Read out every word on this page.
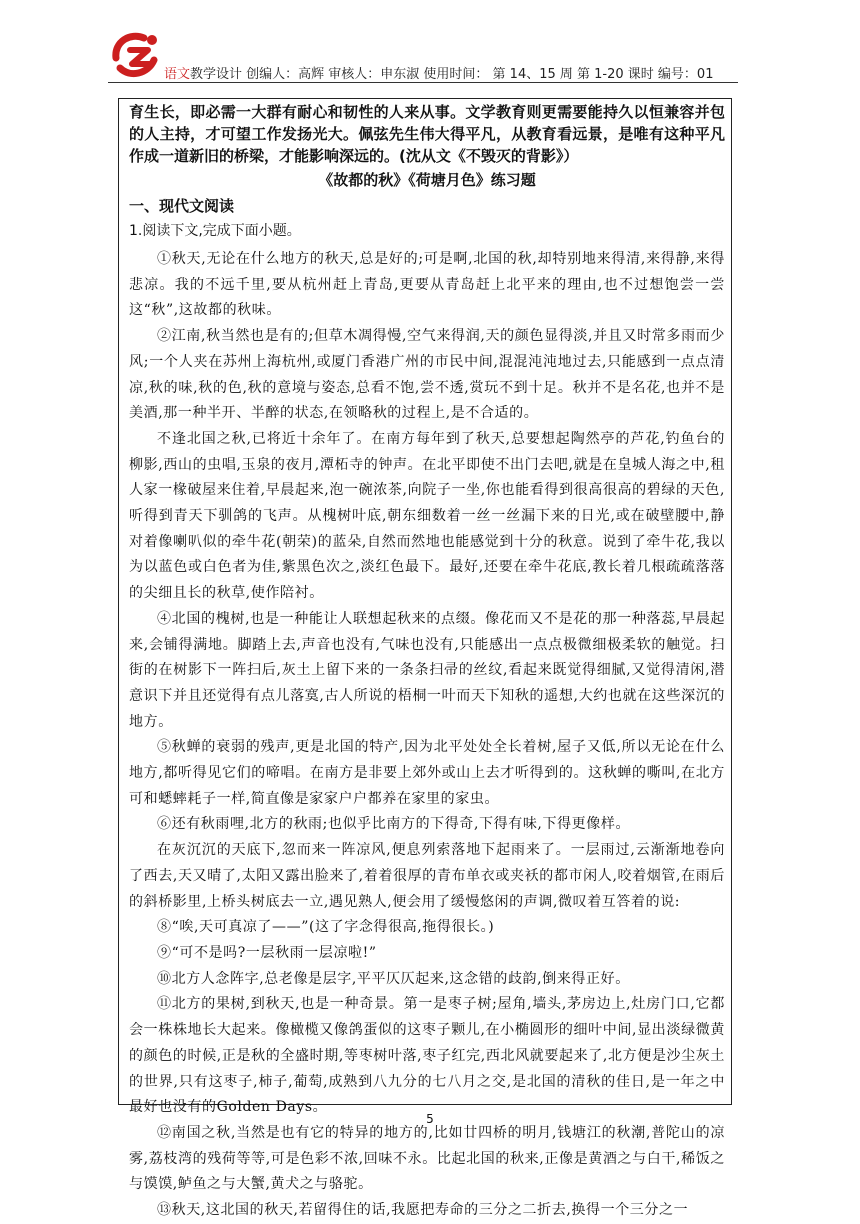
语文教学设计 创编人：高辉 审核人：申东淑 使用时间： 第 14、15 周 第 1-20 课时 编号：01

育生长，即必需一大群有耐心和韧性的人来从事。文学教育则更需要能持久以恒兼容并包的人主持，才可望工作发扬光大。佩弦先生伟大得平凡，从教育看远景，是唯有这种平凡作成一道新旧的桥梁，才能影响深远的。(沈从文《不毁灭的背影》）

《故都的秋》《荷塘月色》练习题
一、现代文阅读
1.阅读下文,完成下面小题。

①秋天,无论在什么地方的秋天,总是好的;可是啊,北国的秋,却特别地来得清,来得静,来得悲凉。我的不远千里,要从杭州赶上青岛,更要从青岛赶上北平来的理由,也不过想饱尝一尝这“秋”,这故都的秋味。

②江南,秋当然也是有的;但草木凋得慢,空气来得润,天的颜色显得淡,并且又时常多雨而少风;一个人夹在苏州上海杭州,或厦门香港广州的市民中间,混混沌沌地过去,只能感到一点点清凉,秋的味,秋的色,秋的意境与姿态,总看不饱,尝不透,赏玩不到十足。秋并不是名花,也并不是美酒,那一种半开、半醉的状态,在领略秋的过程上,是不合适的。

不逢北国之秋,已将近十余年了。在南方每年到了秋天,总要想起陶然亭的芦花,钓鱼台的柳影,西山的虫唱,玉泉的夜月,潭柘寺的钟声。在北平即使不出门去吧,就是在皇城人海之中,租人家一椽破屋来住着,早晨起来,泡一碗浓茶,向院子一坐,你也能看得到很高很高的碧绿的天色,听得到青天下驯鸽的飞声。从槐树叶底,朝东细数着一丝一丝漏下来的日光,或在破壁腰中,静对着像喇叭似的牵牛花(朝荣)的蓝朵,自然而然地也能感觉到十分的秋意。说到了牵牛花,我以为以蓝色或白色者为佳,紫黑色次之,淡红色最下。最好,还要在牵牛花底,教长着几根疏疏落落的尖细且长的秋草,使作陪衬。

④北国的槐树,也是一种能让人联想起秋来的点缀。像花而又不是花的那一种落蕊,早晨起来,会铺得满地。脚踏上去,声音也没有,气味也没有,只能感出一点点极微细极柔软的触觉。扫街的在树影下一阵扫后,灰土上留下来的一条条扫帚的丝纹,看起来既觉得细腻,又觉得清闲,潜意识下并且还觉得有点儿落寞,古人所说的梧桐一叶而天下知秋的遥想,大约也就在这些深沉的地方。

⑤秋蝉的衰弱的残声,更是北国的特产,因为北平处处全长着树,屋子又低,所以无论在什么地方,都听得见它们的啼唱。在南方是非要上郊外或山上去才听得到的。这秋蝉的嘶叫,在北方可和蟋蟀耗子一样,简直像是家家户户都养在家里的家虫。

⑥还有秋雨哩,北方的秋雨;也似乎比南方的下得奇,下得有味,下得更像样。

在灰沉沉的天底下,忽而来一阵凉风,便息列索落地下起雨来了。一层雨过,云渐渐地卷向了西去,天又晴了,太阳又露出脸来了,着着很厚的青布单衣或夹袄的都市闲人,咬着烟管,在雨后的斜桥影里,上桥头树底去一立,遇见熟人,便会用了缓慢悠闲的声调,微叹着互答着的说:

⑧“唉,天可真凉了——”(这了字念得很高,拖得很长。)

⑨“可不是吗?一层秋雨一层凉啦!”

⑩北方人念阵字,总老像是层字,平平仄仄起来,这念错的歧韵,倒来得正好。

⑪北方的果树,到秋天,也是一种奇景。第一是枣子树;屋角,墙头,茅房边上,灶房门口,它都会一株株地长大起来。像橄榄又像鸽蛋似的这枣子颗儿,在小椭圆形的细叶中间,显出淡绿微黄的颜色的时候,正是秋的全盛时期,等枣树叶落,枣子红完,西北风就要起来了,北方便是沙尘灰土的世界,只有这枣子,柿子,葡萄,成熟到八九分的七八月之交,是北国的清秋的佳日,是一年之中最好也没有的Golden Days。

⑫南国之秋,当然是也有它的特异的地方的,比如廿四桥的明月,钱塘江的秋潮,普陀山的凉雾,荔枝湾的残荷等等,可是色彩不浓,回味不永。比起北国的秋来,正像是黄酒之与白干,稀饭之与馍馍,鲈鱼之与大蟹,黄犬之与骆驼。

⑬秋天,这北国的秋天,若留得住的话,我愿把寿命的三分之二折去,换得一个三分之一

5
